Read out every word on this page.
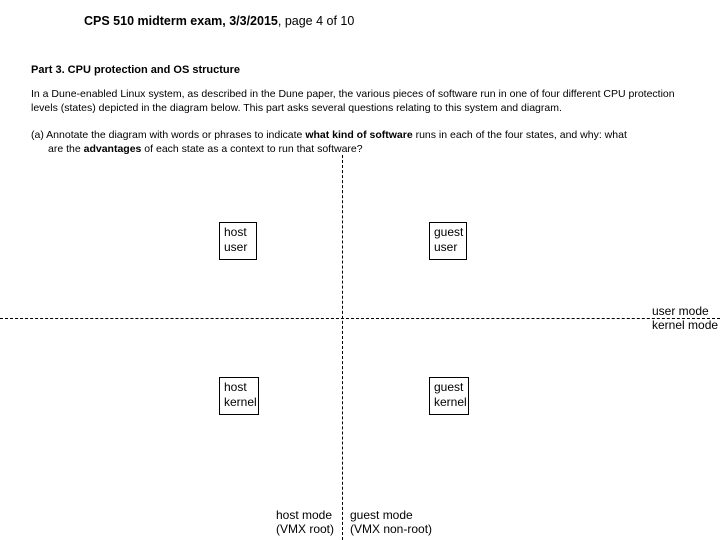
CPS 510 midterm exam, 3/3/2015, page 4 of 10
Part 3. CPU protection and OS structure
In a Dune-enabled Linux system, as described in the Dune paper, the various pieces of software run in one of four different CPU protection levels (states) depicted in the diagram below. This part asks several questions relating to this system and diagram.
(a) Annotate the diagram with words or phrases to indicate what kind of software runs in each of the four states, and why: what
are the advantages of each state as a context to run that software?
host
user
guest
user
host
kernel
guest
kernel
user mode
kernel mode
host mode
(VMX root)
guest mode
(VMX non-root)
